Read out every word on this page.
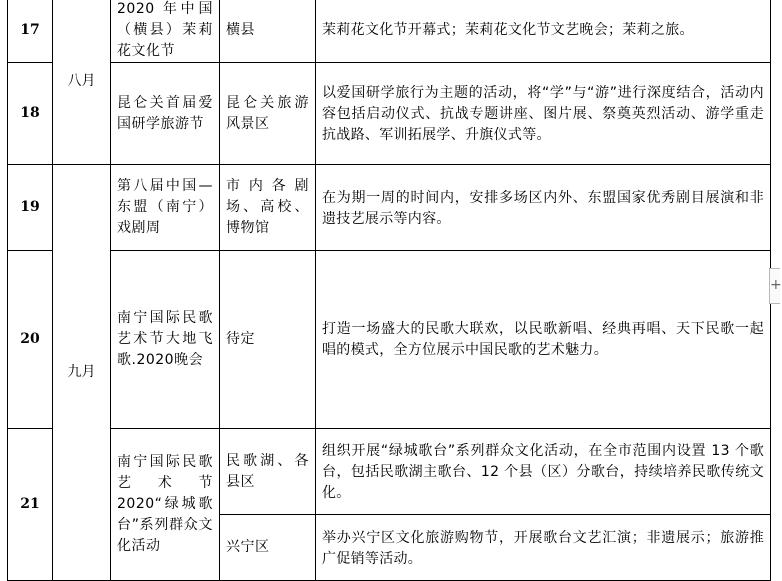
17	八月	2020 年中国（横县）茉莉花文化节	横县	茉莉花文化节开幕式；茉莉花文化节文艺晚会；茉莉之旅。
18		昆仑关首届爱国研学旅游节	昆仑关旅游风景区	以爱国研学旅行为主题的活动，将“学”与“游”进行深度结合，活动内容包括启动仪式、抗战专题讲座、图片展、祭奠英烈活动、游学重走抗战路、军训拓展学、升旗仪式等。
19	九月	第八届中国—东盟（南宁）戏剧周	市内各剧场、高校、博物馆	在为期一周的时间内，安排多场区内外、东盟国家优秀剧目展演和非遗技艺展示等内容。
20		南宁国际民歌艺术节大地飞歌.2020晚会	待定	打造一场盛大的民歌大联欢，以民歌新唱、经典再唱、天下民歌一起唱的模式，全方位展示中国民歌的艺术魅力。
21		南宁国际民歌艺术节2020“绿城歌台”系列群众文化活动	民歌湖、各县区	组织开展“绿城歌台”系列群众文化活动，在全市范围内设置 13 个歌台，包括民歌湖主歌台、12 个县（区）分歌台，持续培养民歌传统文化。
			兴宁区	举办兴宁区文化旅游购物节，开展歌台文艺汇演；非遗展示；旅游推广促销等活动。
+
